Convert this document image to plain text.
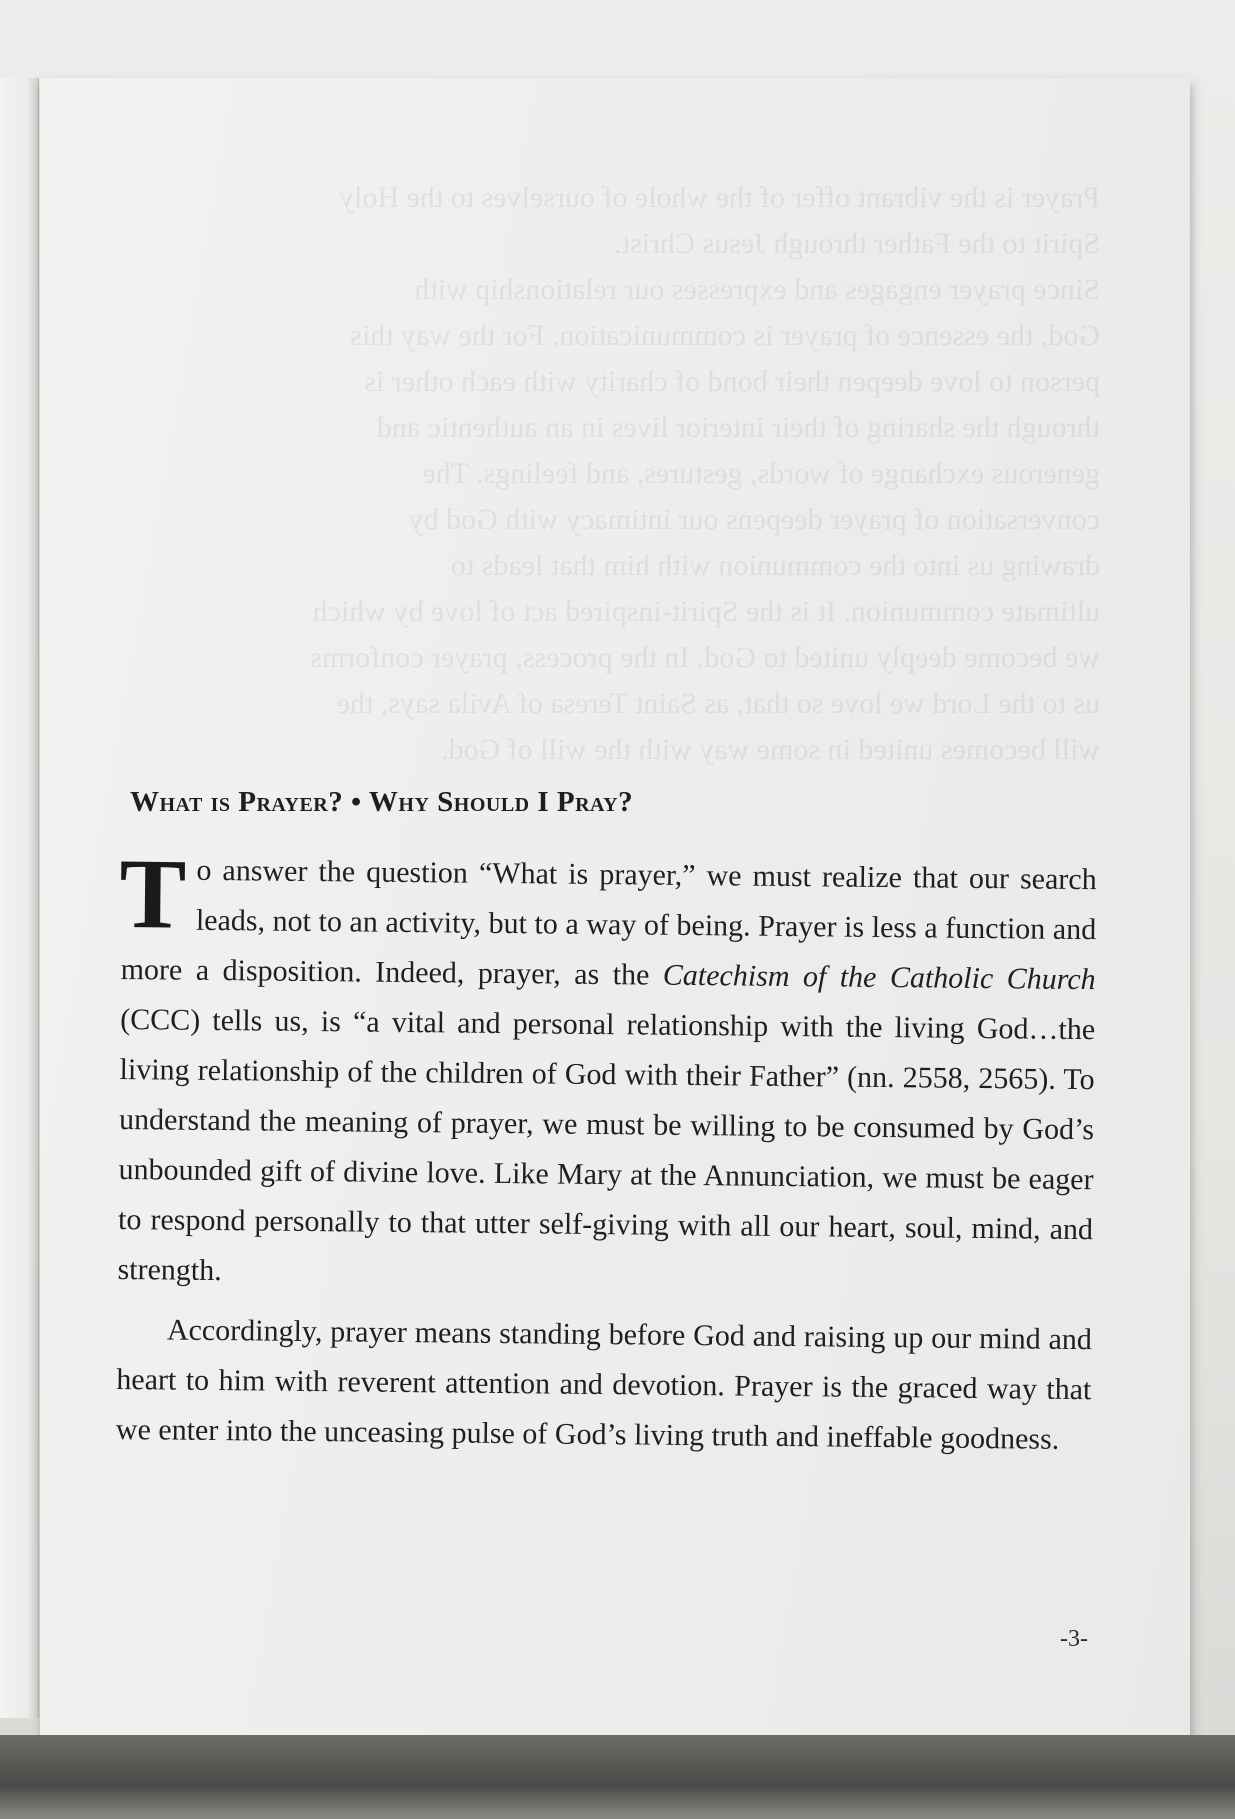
Prayer is the vibrant offer of the whole of ourselves to the Holy
Spirit to the Father through Jesus Christ.
Since prayer engages and expresses our relationship with
God, the essence of prayer is communication. For the way this
person to love deepen their bond of charity with each other is
through the sharing of their interior lives in an authentic and
generous exchange of words, gestures, and feelings. The
conversation of prayer deepens our intimacy with God by
drawing us into the communion with him that leads to
ultimate communion. It is the Spirit-inspired act of love by which
we become deeply united to God. In the process, prayer conforms
us to the Lord we love so that, as Saint Teresa of Avila says, the
will becomes united in some way with the will of God.
What is Prayer? • Why Should I Pray?

To answer the question “What is prayer,” we must realize that our search leads, not to an activity, but to a way of being. Prayer is less a function and more a disposition. Indeed, prayer, as the Catechism of the Catholic Church (CCC) tells us, is “a vital and personal relationship with the living God…the living relationship of the children of God with their Father” (nn. 2558, 2565). To understand the meaning of prayer, we must be willing to be consumed by God’s unbounded gift of divine love. Like Mary at the Annunciation, we must be eager to respond personally to that utter self-giving with all our heart, soul, mind, and strength.

Accordingly, prayer means standing before God and raising up our mind and heart to him with reverent attention and devotion. Prayer is the graced way that we enter into the unceasing pulse of God’s living truth and ineffable goodness.

-3-
